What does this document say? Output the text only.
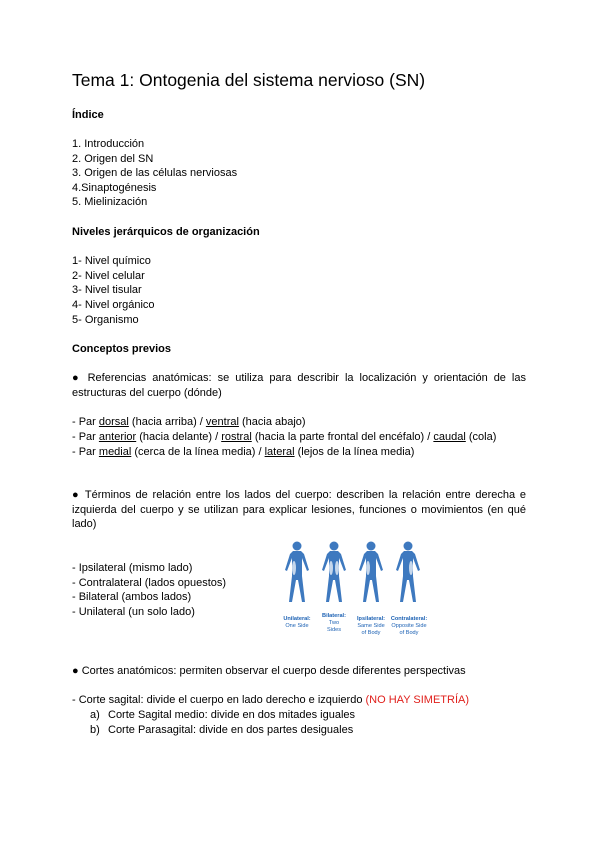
Tema 1: Ontogenia del sistema nervioso (SN)
Índice
1. Introducción
2. Origen del SN
3. Origen de las células nerviosas
4.Sinaptogénesis
5. Mielinización
Niveles jerárquicos de organización
1- Nivel químico
2- Nivel celular
3- Nivel tisular
4- Nivel orgánico
5- Organismo
Conceptos previos
● Referencias anatómicas: se utiliza para describir la localización y orientación de las
estructuras del cuerpo (dónde)
- Par dorsal (hacia arriba) / ventral (hacia abajo)
- Par anterior (hacia delante) / rostral (hacia la parte frontal del encéfalo) / caudal (cola)
- Par medial (cerca de la línea media) / lateral (lejos de la línea media)
● Términos de relación entre los lados del cuerpo: describen la relación entre derecha e
izquierda del cuerpo y se utilizan para explicar lesiones, funciones o movimientos (en qué
lado)
- Ipsilateral (mismo lado)
- Contralateral (lados opuestos)
- Bilateral (ambos lados)
- Unilateral (un solo lado)
Unilateral:
One Side
Bilateral:
Two
Sides
Ipsilateral:
Same Side
of Body
Contralateral:
Opposite Side
of Body
● Cortes anatómicos: permiten observar el cuerpo desde diferentes perspectivas
- Corte sagital: divide el cuerpo en lado derecho e izquierdo (NO HAY SIMETRÍA)
a) Corte Sagital medio: divide en dos mitades iguales
b) Corte Parasagital: divide en dos partes desiguales
